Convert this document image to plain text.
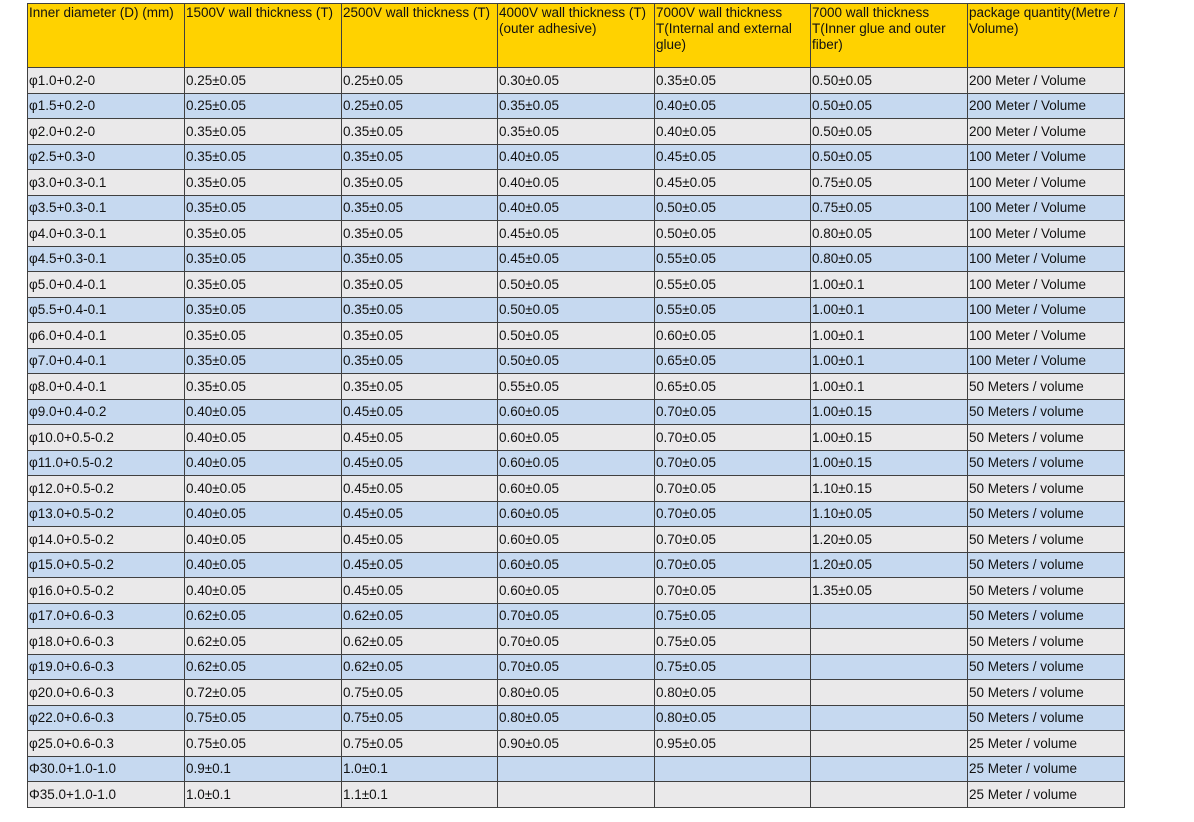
Inner diameter (D) (mm)	1500V wall thickness (T)	2500V wall thickness (T)	4000V wall thickness (T) (outer adhesive)	7000V wall thickness T(Internal and external glue)	7000 wall thickness T(Inner glue and outer fiber)	package quantity(Metre / Volume)
φ1.0+0.2-0	0.25±0.05	0.25±0.05	0.30±0.05	0.35±0.05	0.50±0.05	200 Meter / Volume
φ1.5+0.2-0	0.25±0.05	0.25±0.05	0.35±0.05	0.40±0.05	0.50±0.05	200 Meter / Volume
φ2.0+0.2-0	0.35±0.05	0.35±0.05	0.35±0.05	0.40±0.05	0.50±0.05	200 Meter / Volume
φ2.5+0.3-0	0.35±0.05	0.35±0.05	0.40±0.05	0.45±0.05	0.50±0.05	100 Meter / Volume
φ3.0+0.3-0.1	0.35±0.05	0.35±0.05	0.40±0.05	0.45±0.05	0.75±0.05	100 Meter / Volume
φ3.5+0.3-0.1	0.35±0.05	0.35±0.05	0.40±0.05	0.50±0.05	0.75±0.05	100 Meter / Volume
φ4.0+0.3-0.1	0.35±0.05	0.35±0.05	0.45±0.05	0.50±0.05	0.80±0.05	100 Meter / Volume
φ4.5+0.3-0.1	0.35±0.05	0.35±0.05	0.45±0.05	0.55±0.05	0.80±0.05	100 Meter / Volume
φ5.0+0.4-0.1	0.35±0.05	0.35±0.05	0.50±0.05	0.55±0.05	1.00±0.1	100 Meter / Volume
φ5.5+0.4-0.1	0.35±0.05	0.35±0.05	0.50±0.05	0.55±0.05	1.00±0.1	100 Meter / Volume
φ6.0+0.4-0.1	0.35±0.05	0.35±0.05	0.50±0.05	0.60±0.05	1.00±0.1	100 Meter / Volume
φ7.0+0.4-0.1	0.35±0.05	0.35±0.05	0.50±0.05	0.65±0.05	1.00±0.1	100 Meter / Volume
φ8.0+0.4-0.1	0.35±0.05	0.35±0.05	0.55±0.05	0.65±0.05	1.00±0.1	50 Meters / volume
φ9.0+0.4-0.2	0.40±0.05	0.45±0.05	0.60±0.05	0.70±0.05	1.00±0.15	50 Meters / volume
φ10.0+0.5-0.2	0.40±0.05	0.45±0.05	0.60±0.05	0.70±0.05	1.00±0.15	50 Meters / volume
φ11.0+0.5-0.2	0.40±0.05	0.45±0.05	0.60±0.05	0.70±0.05	1.00±0.15	50 Meters / volume
φ12.0+0.5-0.2	0.40±0.05	0.45±0.05	0.60±0.05	0.70±0.05	1.10±0.15	50 Meters / volume
φ13.0+0.5-0.2	0.40±0.05	0.45±0.05	0.60±0.05	0.70±0.05	1.10±0.05	50 Meters / volume
φ14.0+0.5-0.2	0.40±0.05	0.45±0.05	0.60±0.05	0.70±0.05	1.20±0.05	50 Meters / volume
φ15.0+0.5-0.2	0.40±0.05	0.45±0.05	0.60±0.05	0.70±0.05	1.20±0.05	50 Meters / volume
φ16.0+0.5-0.2	0.40±0.05	0.45±0.05	0.60±0.05	0.70±0.05	1.35±0.05	50 Meters / volume
φ17.0+0.6-0.3	0.62±0.05	0.62±0.05	0.70±0.05	0.75±0.05		50 Meters / volume
φ18.0+0.6-0.3	0.62±0.05	0.62±0.05	0.70±0.05	0.75±0.05		50 Meters / volume
φ19.0+0.6-0.3	0.62±0.05	0.62±0.05	0.70±0.05	0.75±0.05		50 Meters / volume
φ20.0+0.6-0.3	0.72±0.05	0.75±0.05	0.80±0.05	0.80±0.05		50 Meters / volume
φ22.0+0.6-0.3	0.75±0.05	0.75±0.05	0.80±0.05	0.80±0.05		50 Meters / volume
φ25.0+0.6-0.3	0.75±0.05	0.75±0.05	0.90±0.05	0.95±0.05		25 Meter / volume
Φ30.0+1.0-1.0	0.9±0.1	1.0±0.1				25 Meter / volume
Φ35.0+1.0-1.0	1.0±0.1	1.1±0.1				25 Meter / volume
